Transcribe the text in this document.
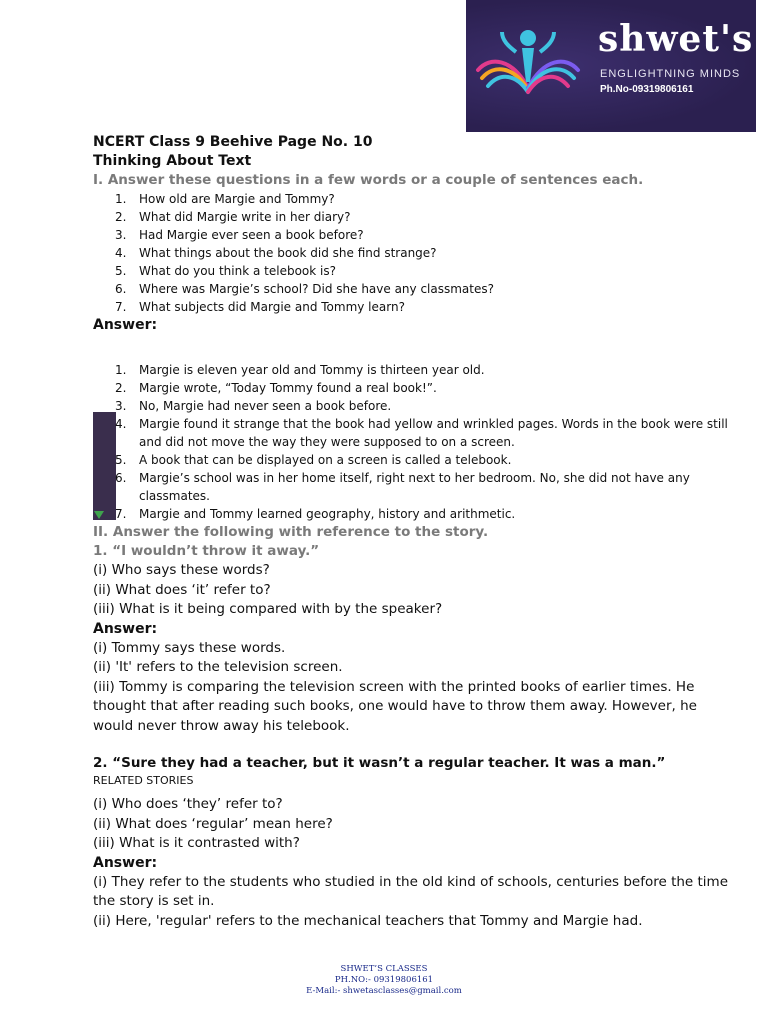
shwet's
ENGLIGHTNING MINDS
Ph.No-09319806161

NCERT Class 9 Beehive Page No. 10

Thinking About Text

I. Answer these questions in a few words or a couple of sentences each.

1. How old are Margie and Tommy?
2. What did Margie write in her diary?
3. Had Margie ever seen a book before?
4. What things about the book did she find strange?
5. What do you think a telebook is?
6. Where was Margie’s school? Did she have any classmates?
7. What subjects did Margie and Tommy learn?

Answer:

1. Margie is eleven year old and Tommy is thirteen year old.
2. Margie wrote, “Today Tommy found a real book!”.
3. No, Margie had never seen a book before.
4. Margie found it strange that the book had yellow and wrinkled pages. Words in the book were still and did not move the way they were supposed to on a screen.
5. A book that can be displayed on a screen is called a telebook.
6. Margie’s school was in her home itself, right next to her bedroom. No, she did not have any classmates.
7. Margie and Tommy learned geography, history and arithmetic.

II. Answer the following with reference to the story.

1. “I wouldn’t throw it away.”

(i) Who says these words?

(ii) What does ‘it’ refer to?

(iii) What is it being compared with by the speaker?

Answer:

(i) Tommy says these words.

(ii) 'It' refers to the television screen.

(iii) Tommy is comparing the television screen with the printed books of earlier times. He thought that after reading such books, one would have to throw them away. However, he would never throw away his telebook.

2. “Sure they had a teacher, but it wasn’t a regular teacher. It was a man.”

RELATED STORIES

(i) Who does ‘they’ refer to?

(ii) What does ‘regular’ mean here?

(iii) What is it contrasted with?

Answer:

(i) They refer to the students who studied in the old kind of schools, centuries before the time the story is set in.

(ii) Here, 'regular' refers to the mechanical teachers that Tommy and Margie had.

SHWET’S CLASSES
PH.NO:- 09319806161
E-Mail:- shwetasclasses@gmail.com
